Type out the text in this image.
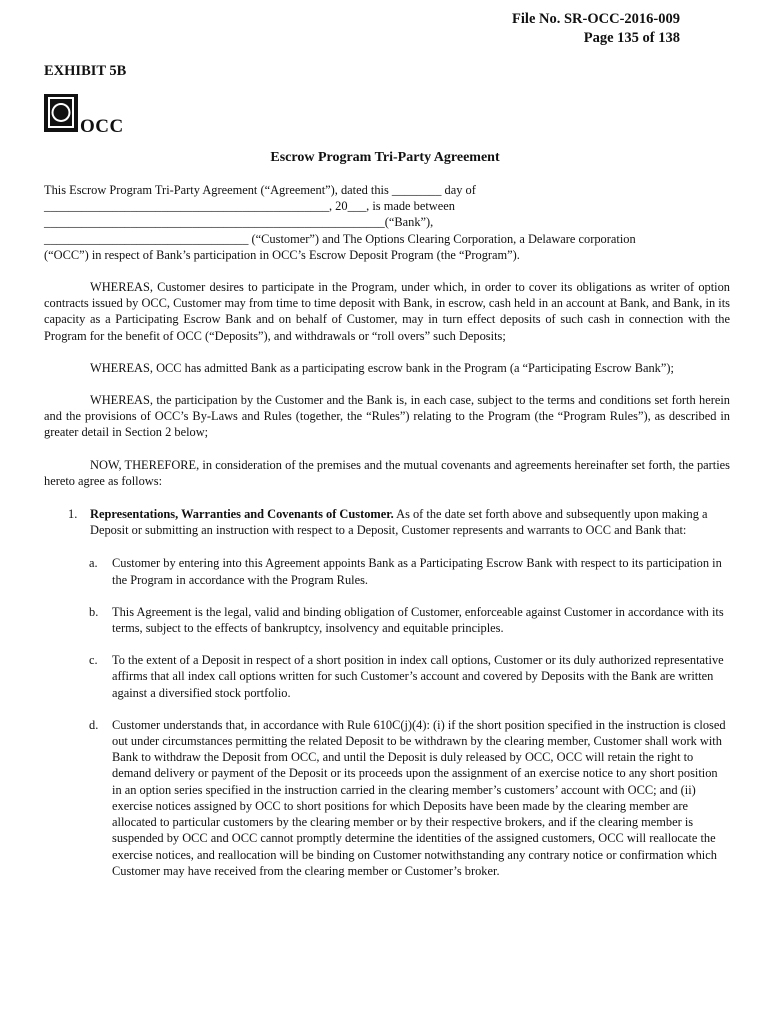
File No. SR-OCC-2016-009
Page 135 of 138
EXHIBIT 5B
OCC
Escrow Program Tri-Party Agreement

This Escrow Program Tri-Party Agreement (“Agreement”), dated this ________ day of

______________________________________________, 20___, is made between

_______________________________________________________(“Bank”),

_________________________________ (“Customer”) and The Options Clearing Corporation, a Delaware corporation

(“OCC”) in respect of Bank’s participation in OCC’s Escrow Deposit Program (the “Program”).

WHEREAS, Customer desires to participate in the Program, under which, in order to cover its obligations as writer of option contracts issued by OCC, Customer may from time to time deposit with Bank, in escrow, cash held in an account at Bank, and Bank, in its capacity as a Participating Escrow Bank and on behalf of Customer, may in turn effect deposits of such cash in connection with the Program for the benefit of OCC (“Deposits”), and withdrawals or “roll overs” such Deposits;

WHEREAS, OCC has admitted Bank as a participating escrow bank in the Program (a “Participating Escrow Bank”);

WHEREAS, the participation by the Customer and the Bank is, in each case, subject to the terms and conditions set forth herein and the provisions of OCC’s By-Laws and Rules (together, the “Rules”) relating to the Program (the “Program Rules”), as described in greater detail in Section 2 below;

NOW, THEREFORE, in consideration of the premises and the mutual covenants and agreements hereinafter set forth, the parties hereto agree as follows:

1. Representations, Warranties and Covenants of Customer. As of the date set forth above and subsequently upon making a Deposit or submitting an instruction with respect to a Deposit, Customer represents and warrants to OCC and Bank that:

a. Customer by entering into this Agreement appoints Bank as a Participating Escrow Bank with respect to its participation in the Program in accordance with the Program Rules.

b. This Agreement is the legal, valid and binding obligation of Customer, enforceable against Customer in accordance with its terms, subject to the effects of bankruptcy, insolvency and equitable principles.

c. To the extent of a Deposit in respect of a short position in index call options, Customer or its duly authorized representative affirms that all index call options written for such Customer’s account and covered by Deposits with the Bank are written against a diversified stock portfolio.

d. Customer understands that, in accordance with Rule 610C(j)(4): (i) if the short position specified in the instruction is closed out under circumstances permitting the related Deposit to be withdrawn by the clearing member, Customer shall work with Bank to withdraw the Deposit from OCC, and until the Deposit is duly released by OCC, OCC will retain the right to demand delivery or payment of the Deposit or its proceeds upon the assignment of an exercise notice to any short position in an option series specified in the instruction carried in the clearing member’s customers’ account with OCC; and (ii) exercise notices assigned by OCC to short positions for which Deposits have been made by the clearing member are allocated to particular customers by the clearing member or by their respective brokers, and if the clearing member is suspended by OCC and OCC cannot promptly determine the identities of the assigned customers, OCC will reallocate the exercise notices, and reallocation will be binding on Customer notwithstanding any contrary notice or confirmation which Customer may have received from the clearing member or Customer’s broker.
